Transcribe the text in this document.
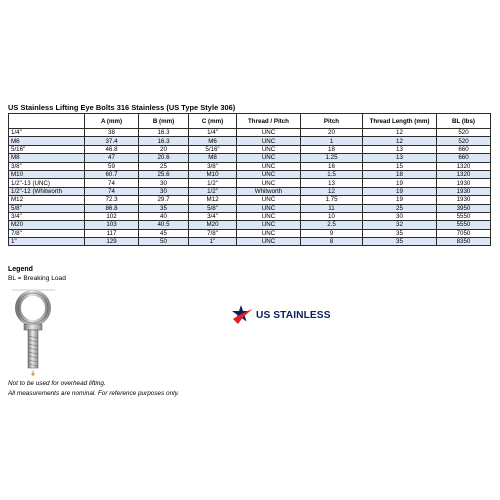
US Stainless Lifting Eye Bolts 316 Stainless (US Type Style 306)
	A (mm)	B (mm)	C (mm)	Thread / Pitch	Pitch	Thread Length (mm)	BL (lbs)
1/4"	38	16.3	1/4"	UNC	20	12	520
M6	37.4	16.3	M6	UNC	1	12	520
5/16"	46.8	20	5/16"	UNC	18	13	660
M8	47	20.6	M8	UNC	1.25	13	660
3/8"	59	25	3/8"	UNC	16	15	1320
M10	60.7	25.6	M10	UNC	1.5	18	1320
1/2"-13 (UNC)	74	30	1/2"	UNC	13	19	1930
1/2"-12 (Whitworth	74	30	1/2"	Whitworth	12	19	1930
M12	72.3	29.7	M12	UNC	1.75	19	1930
5/8"	86.8	35	5/8"	UNC	11	25	3950
3/4"	102	40	3/4"	UNC	10	30	5550
M20	103	40.5	M20	UNC	2.5	32	5550
7/8"	117	45	7/8"	UNC	9	35	7050
1"	129	50	1"	UNC	8	35	8350
Legend
BL = Breaking Load
Not to be used for overhead lifting.
All measurements are nominal. For reference purposes only.
US STAINLESS
